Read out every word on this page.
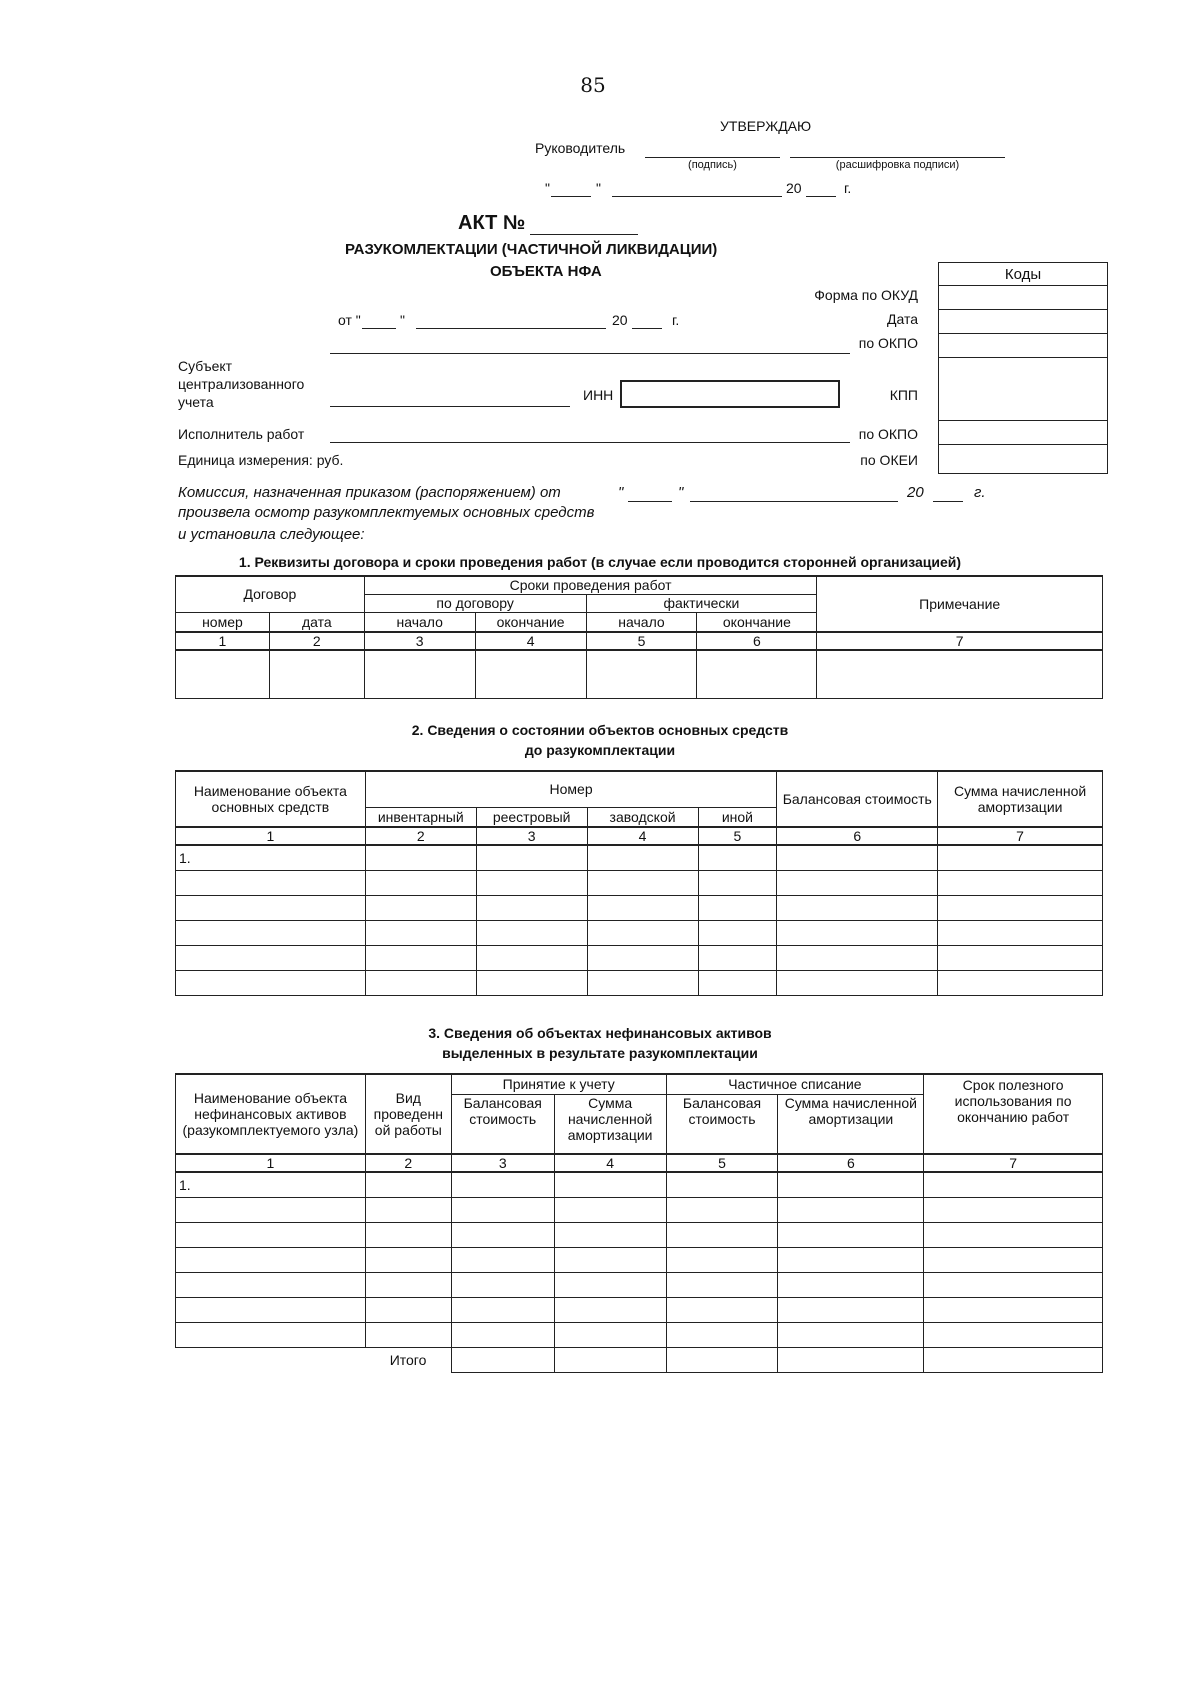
85
УТВЕРЖДАЮ
Руководитель
(подпись)	(расшифровка подписи)
"	"	20	г.
АКТ №
РАЗУКОМЛЕКТАЦИИ (ЧАСТИЧНОЙ ЛИКВИДАЦИИ)
ОБЪЕКТА НФА	Коды

Форма по ОКУД
Дата
по ОКПО
КПП
по ОКПО
по ОКЕИ
от "	"	20	г.
Субъект централизованного учета	ИНН
Исполнитель работ
Единица измерения: руб.
Комиссия, назначенная приказом (распоряжением) от	"	"	20	г.
произвела осмотр разукомплектуемых основных средств
и установила следующее:
1. Реквизиты договора и сроки проведения работ (в случае если проводится сторонней организацией)
Договор		Сроки проведения работ				Примечание
		по договору		фактически		
номер	дата	начало	окончание	начало	окончание	
1	2	3	4	5	6	7

2. Сведения о состоянии объектов основных средств
до разукомплектации
Наименование объекта основных средств	Номер				Балансовая стоимость	Сумма начисленной амортизации
	инвентарный	реестровый	заводской	иной		
1	2	3	4	5	6	7
1.						

3. Сведения об объектах нефинансовых активов
выделенных в результате разукомплектации
Наименование объекта нефинансовых активов (разукомплектуемого узла)	Вид проведенн ой работы	Принятие к учету		Частичное списание		Срок полезного использования по окончанию работ
		Балансовая стоимость	Сумма начисленной амортизации	Балансовая стоимость	Сумма начисленной амортизации	
1	2	3	4	5	6	7
1.						

	Итого					
